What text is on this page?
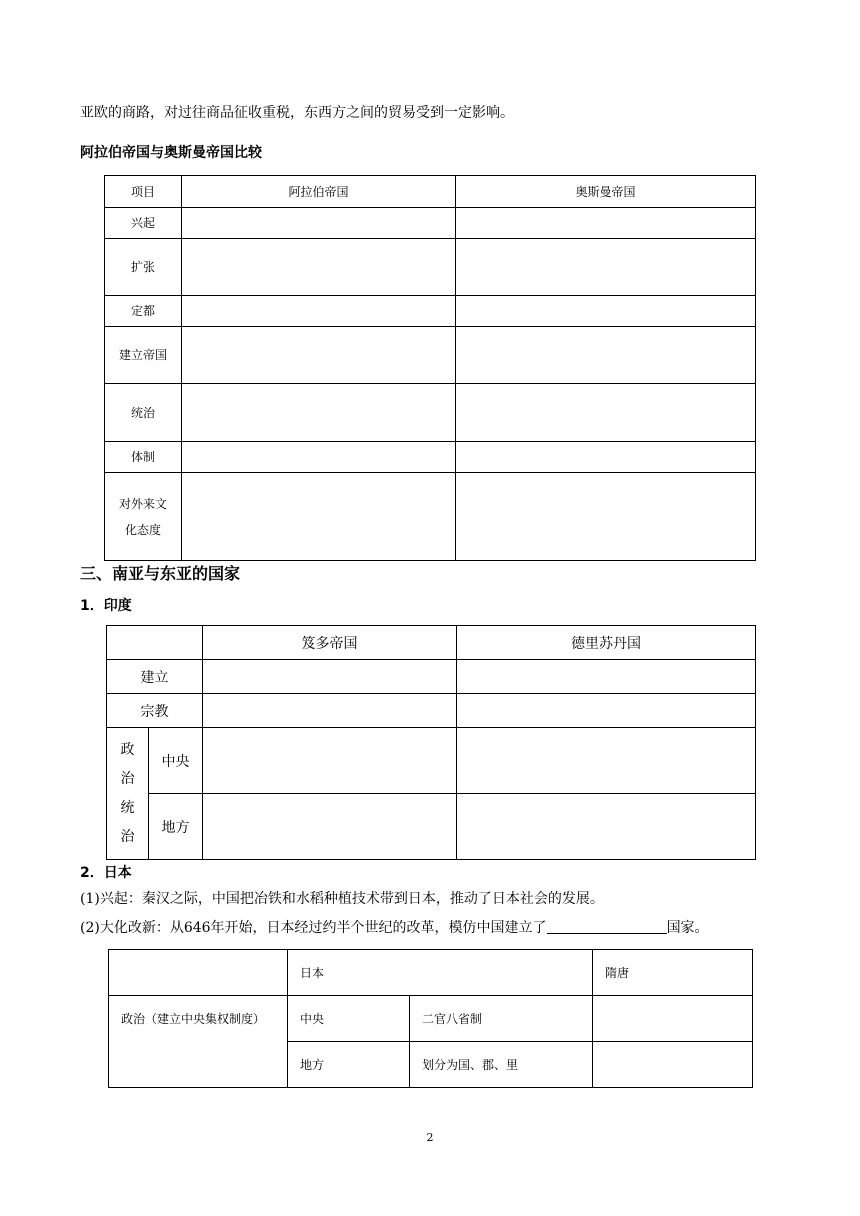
亚欧的商路，对过往商品征收重税，东西方之间的贸易受到一定影响。
阿拉伯帝国与奥斯曼帝国比较
项目	阿拉伯帝国	奥斯曼帝国
兴起		
扩张		
定都		
建立帝国		
统治		
体制		
对外来文化态度		
三、南亚与东亚的国家
1．印度
		笈多帝国	德里苏丹国
建立			
宗教			
政治统治	中央		
	地方		
2．日本
(1)兴起：秦汉之际，中国把冶铁和水稻种植技术带到日本，推动了日本社会的发展。
(2)大化改新：从646年开始，日本经过约半个世纪的改革，模仿中国建立了	国家。
	日本		隋唐
政治（建立中央集权制度）	中央	二官八省制	
	地方	划分为国、郡、里	
2
